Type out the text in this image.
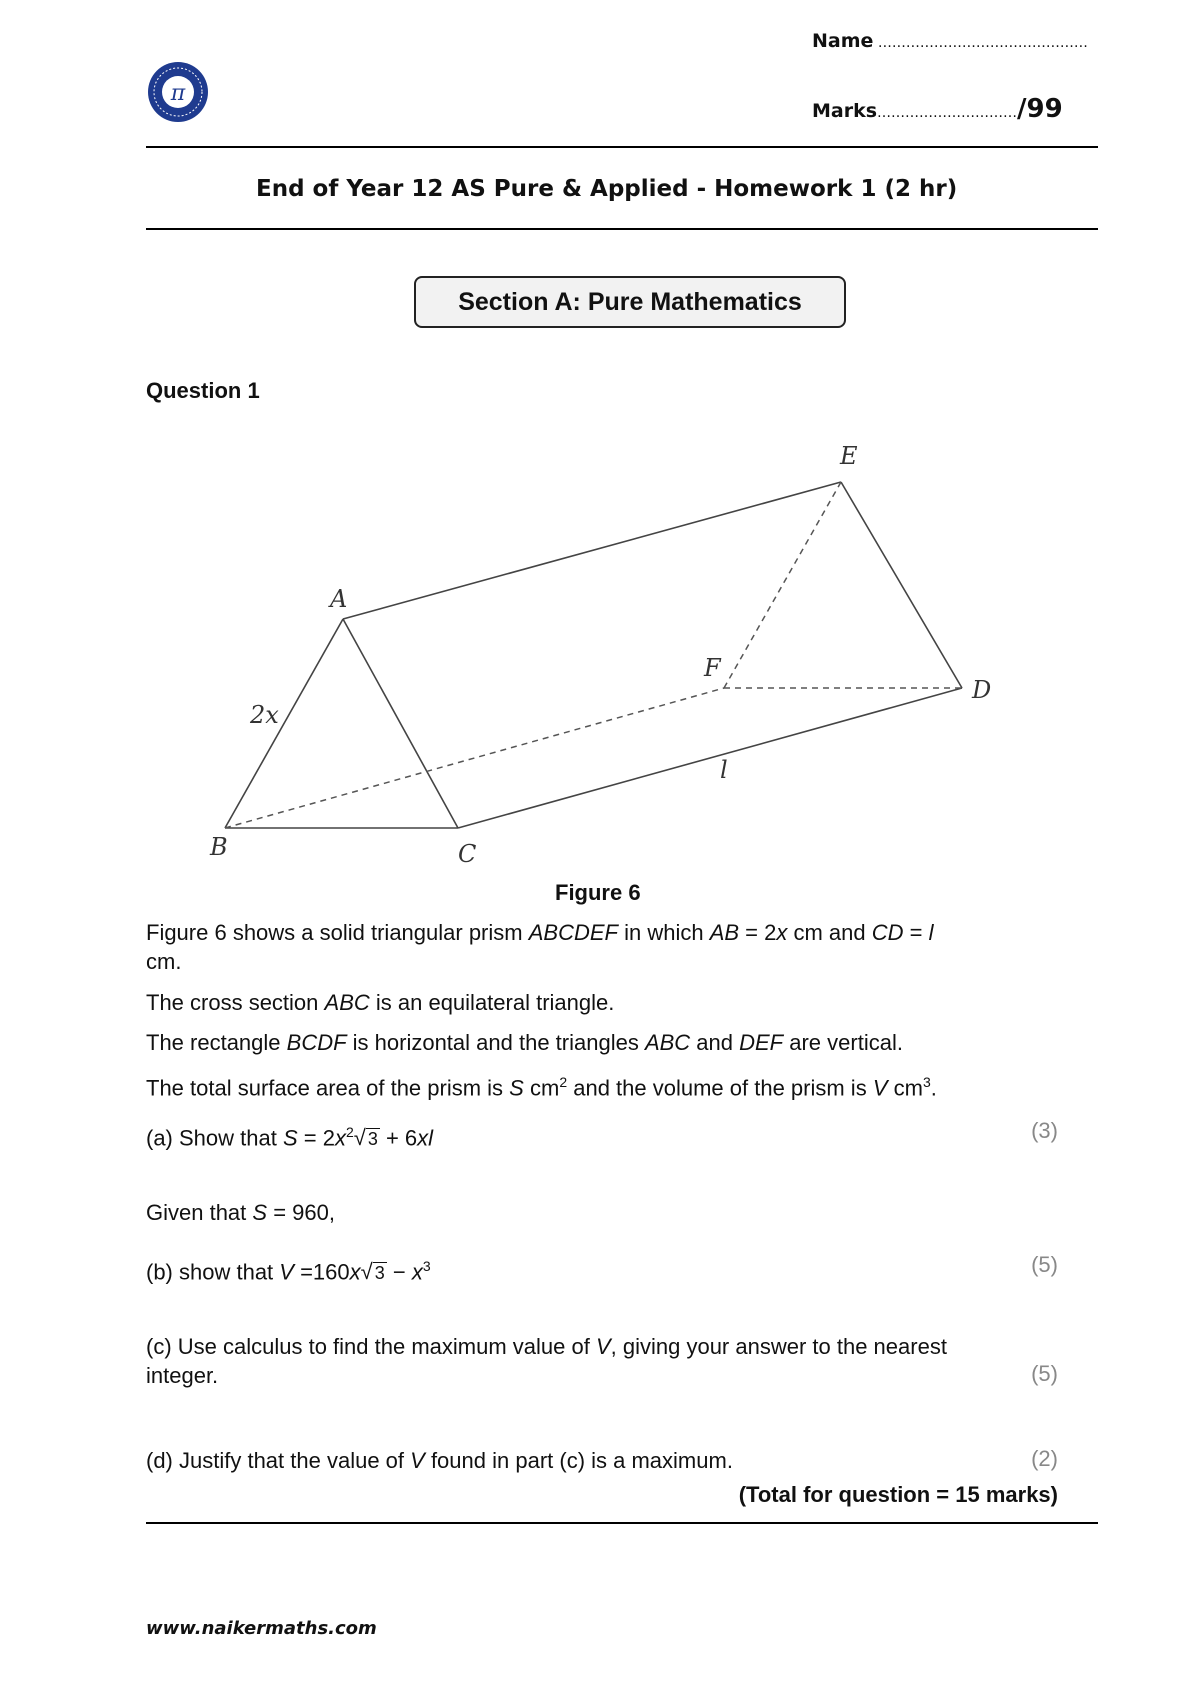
π
Name ………………………………………
Marks…………………………/99
End of Year 12 AS Pure & Applied - Homework 1 (2 hr)
Section A: Pure Mathematics
Question 1
A
B	C
D
E
F
2x
l
Figure 6
Figure 6 shows a solid triangular prism ABCDEF in which AB = 2x cm and CD = l
cm.
The cross section ABC is an equilateral triangle.
The rectangle BCDF is horizontal and the triangles ABC and DEF are vertical.
The total surface area of the prism is S $cm^2$ and the volume of the prism is V $cm^3$.
(a) Show that $S = 2x^2√$ 3 + 6xl	(3)
Given that S = 960,
(b) show that V =160x√ $3 - x^3$	(5)
(c) Use calculus to find the maximum value of V, giving your answer to the nearest
integer.	(5)
(d) Justify that the value of V found in part (c) is a maximum.	(2)
(Total for question = 15 marks)
www.naikermaths.com
